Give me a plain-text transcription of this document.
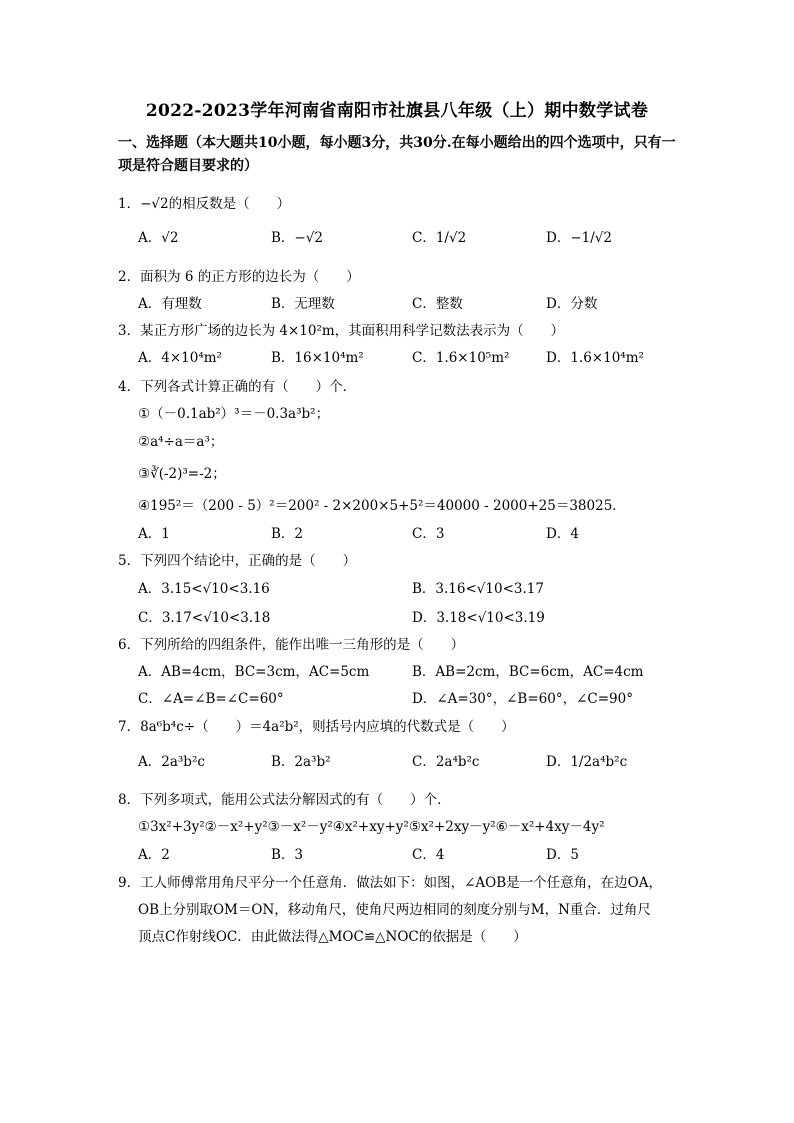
2022-2023学年河南省南阳市社旗县八年级（上）期中数学试卷
一、选择题（本大题共10小题，每小题3分，共30分.在每小题给出的四个选项中，只有一项是符合题目要求的）
1．−√2的相反数是（　　）
A．√2	B．−√2	C．1/√2	D．−1/√2
2．面积为 6 的正方形的边长为（　　）
A．有理数	B．无理数	C．整数	D．分数
3．某正方形广场的边长为 4×10²m，其面积用科学记数法表示为（　　）
A．4×10⁴m²	B．16×10⁴m²	C．1.6×10⁵m²	D．1.6×10⁴m²
4．下列各式计算正确的有（　　）个．
①（－0.1ab²）³＝－0.3a³b²；
②a⁴÷a＝a³；
③∛(-2)³=-2；
④195²＝（200 - 5）²＝200² - 2×200×5+5²＝40000 - 2000+25＝38025．
A．1	B．2	C．3	D．4
5．下列四个结论中，正确的是（　　）
A．3.15<√10<3.16	B．3.16<√10<3.17
C．3.17<√10<3.18	D．3.18<√10<3.19
6．下列所给的四组条件，能作出唯一三角形的是（　　）
A．AB=4cm，BC=3cm，AC=5cm	B．AB=2cm，BC=6cm，AC=4cm
C．∠A=∠B=∠C=60°	D．∠A=30°，∠B=60°，∠C=90°
7．8a⁶b⁴c÷（　　）＝4a²b²，则括号内应填的代数式是（　　）
A．2a³b²c	B．2a³b²	C．2a⁴b²c	D．1/2a⁴b²c
8．下列多项式，能用公式法分解因式的有（　　）个．
①3x²+3y²②－x²+y²③－x²－y²④x²+xy+y²⑤x²+2xy－y²⑥－x²+4xy－4y²
A．2	B．3	C．4	D．5
9．工人师傅常用角尺平分一个任意角．做法如下：如图，∠AOB是一个任意角，在边OA，
OB上分别取OM＝ON，移动角尺，使角尺两边相同的刻度分别与M，N重合．过角尺
顶点C作射线OC．由此做法得△MOC≌△NOC的依据是（　　）
